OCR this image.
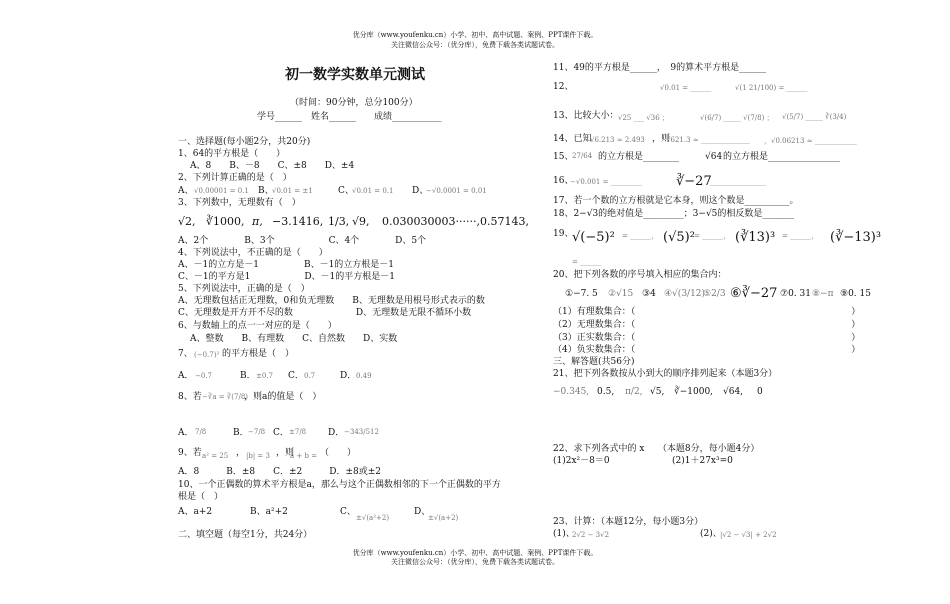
优分库（www.youfenku.cn）小学、初中、高中试题、案例、PPT课件下载。
关注微信公众号：（优分库），免费下载各类试题试卷。
初一数学实数单元测试
（时间：90分钟，总分100分）
学号______　姓名______　　成绩___________
一、选择题(每小题2分，共20分)
1、64的平方根是（　　）
A、8　　B、－8　　C、±8　　D、±4
2、下列计算正确的是（　）
A、 √0.00001 = 0.1 B、
√0.01 = ±1	C、
√0.01 = 0.1 D、
−√0.0001 = 0.01
3、下列数中，无理数有（　）
√2, ∛1000, π, −3.1416, 1/3, √9, 0.030030003······, 0.57143,
A、2个　　　　B、3个　　　　　　C、4个　　　　D、5个
4、下列说法中，不正确的是（　　）
A、－1的立方是－1　　　　　B、－1的立方根是－1
C、－1的平方是1　　　　　　D、－1的平方根是－1
5、下列说法中，正确的是（　）
A、无理数包括正无理数，0和负无理数　　B、无理数是用根号形式表示的数
C、无理数是开方开不尽的数　　　　　　　D、无理数是无限不循环小数
6、与数轴上的点一一对应的是（　　）
A、整数　　B、有理数　　C、自然数　　D、实数
7、 (−0.7)² 的平方根是（　）
A． −0.7	B． ±0.7 C． 0.7	D． 0.49
8、若 −∛a = ∛(7/8)
，则a的值是（　）
A． 7/8	B． −7/8 C． ±7/8 D． −343/512
9、若 a² = 25 ， |b| = 3 ，则
a + b = （　　）
A．8　　　B．±8　　C．±2　　　D．±8或±2
10、一个正偶数的算术平方根是a，那么与这个正偶数相邻的下一个正偶数的平方
根是（　）
A、a+2	B、a²+2	C、
±√(a²+2)
D、
±√(a+2)
二、填空题（每空1分，共24分）
11、49的平方根是______，　9的算术平方根是______
12、	√0.01 = ______	√(1 21/100) = ______
13、比较大小： √25 ___ √36 ；	√(6/7) _____ √(7/8) ； √(5/7) _____ ∛(3/4)
14、已知
√6.213 ≈ 2.493 ，则
√621.3 ≈ ______________ ，√0.06213 ≈ ____________
15、
27/64 的立方根是________	√64 的立方根是________________
16、
−√0.001 = _________	∛−27
________________
17、若一个数的立方根就是它本身，则这个数是__________。
18、2−√3的绝对值是_________；3−√5的相反数是_______
19、
√(−5)² = ______， (√5)² = ______， (∛13)³ = ______， (∛−13)³
= ______
20、把下列各数的序号填入相应的集合内：
①−7. 5 ②√15 ③4 ④√(3/12)
⑤2/3 ⑥∛−27 ⑦0. 31 ⑧−π ⑨0. 15
（1）有理数集合：（　　　　　　　　　　　　　　　　　　　　　　　　）
（2）无理数集合：（　　　　　　　　　　　　　　　　　　　　　　　　）
（3）正实数集合：（　　　　　　　　　　　　　　　　　　　　　　　　）
（4）负实数集合：（　　　　　　　　　　　　　　　　　　　　　　　　）
三、解答题(共56分)
21、把下列各数按从小到大的顺序排列起来（本题3分）
−0.345, 0.5, π/2, √5, ∛−1000, √64, 0
22、求下列各式中的 x　　（本题8分，每小题4分）
(1)2x²－8＝0	(2)1＋27x³=0
23、计算：（本题12分，每小题3分）
(1)、
2√2 − 3√2	(2)、
|√2 − √3| + 2√2
优分库（www.youfenku.cn）小学、初中、高中试题、案例、PPT课件下载。
关注微信公众号：（优分库），免费下载各类试题试卷。
